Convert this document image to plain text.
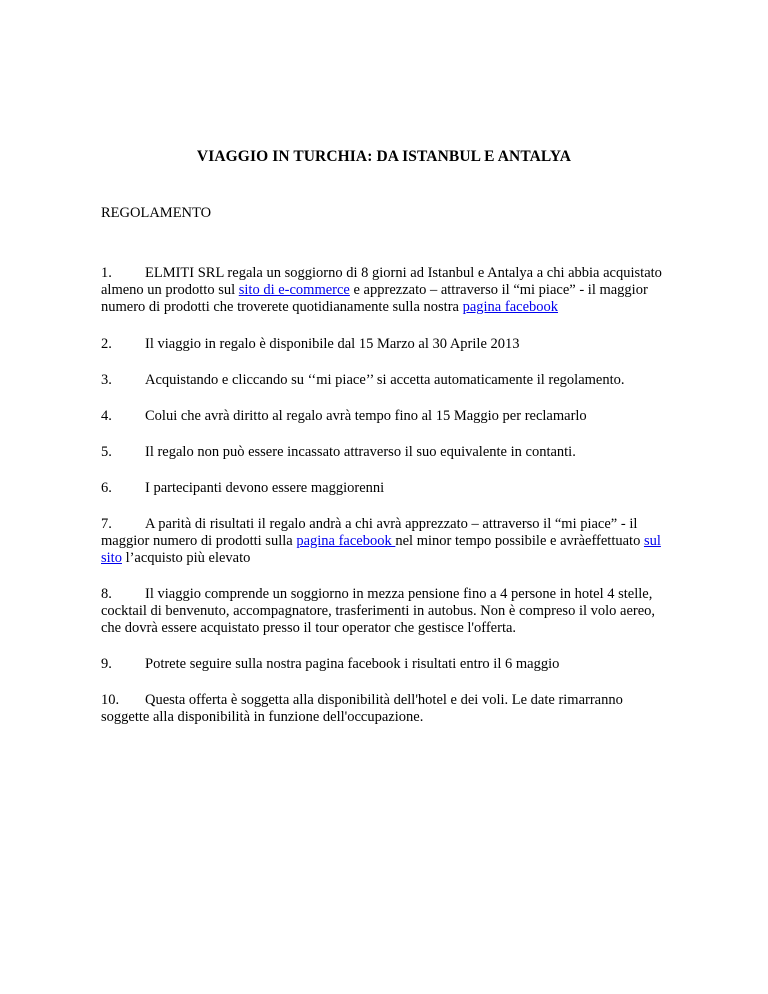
VIAGGIO IN TURCHIA: DA ISTANBUL E ANTALYA
REGOLAMENTO
1. ELMITI SRL regala un soggiorno di 8 giorni ad Istanbul e Antalya a chi abbia acquistato almeno un prodotto sul sito di e-commerce e apprezzato – attraverso il “mi piace” - il maggior numero di prodotti che troverete quotidianamente sulla nostra pagina facebook
2. Il viaggio in regalo è disponibile dal 15 Marzo al 30 Aprile 2013
3. Acquistando e cliccando su ‘‘mi piace’’ si accetta automaticamente il regolamento.
4. Colui che avrà diritto al regalo avrà tempo fino al 15 Maggio per reclamarlo
5. Il regalo non può essere incassato attraverso il suo equivalente in contanti.
6. I partecipanti devono essere maggiorenni
7. A parità di risultati il regalo andrà a chi avrà apprezzato – attraverso il “mi piace” - il maggior numero di prodotti sulla pagina facebook nel minor tempo possibile e avràeffettuato sul sito l’acquisto più elevato
8. Il viaggio comprende un soggiorno in mezza pensione fino a 4 persone in hotel 4 stelle, cocktail di benvenuto, accompagnatore, trasferimenti in autobus. Non è compreso il volo aereo, che dovrà essere acquistato presso il tour operator che gestisce l'offerta.
9. Potrete seguire sulla nostra pagina facebook i risultati entro il 6 maggio
10. Questa offerta è soggetta alla disponibilità dell'hotel e dei voli. Le date rimarranno soggette alla disponibilità in funzione dell'occupazione.
